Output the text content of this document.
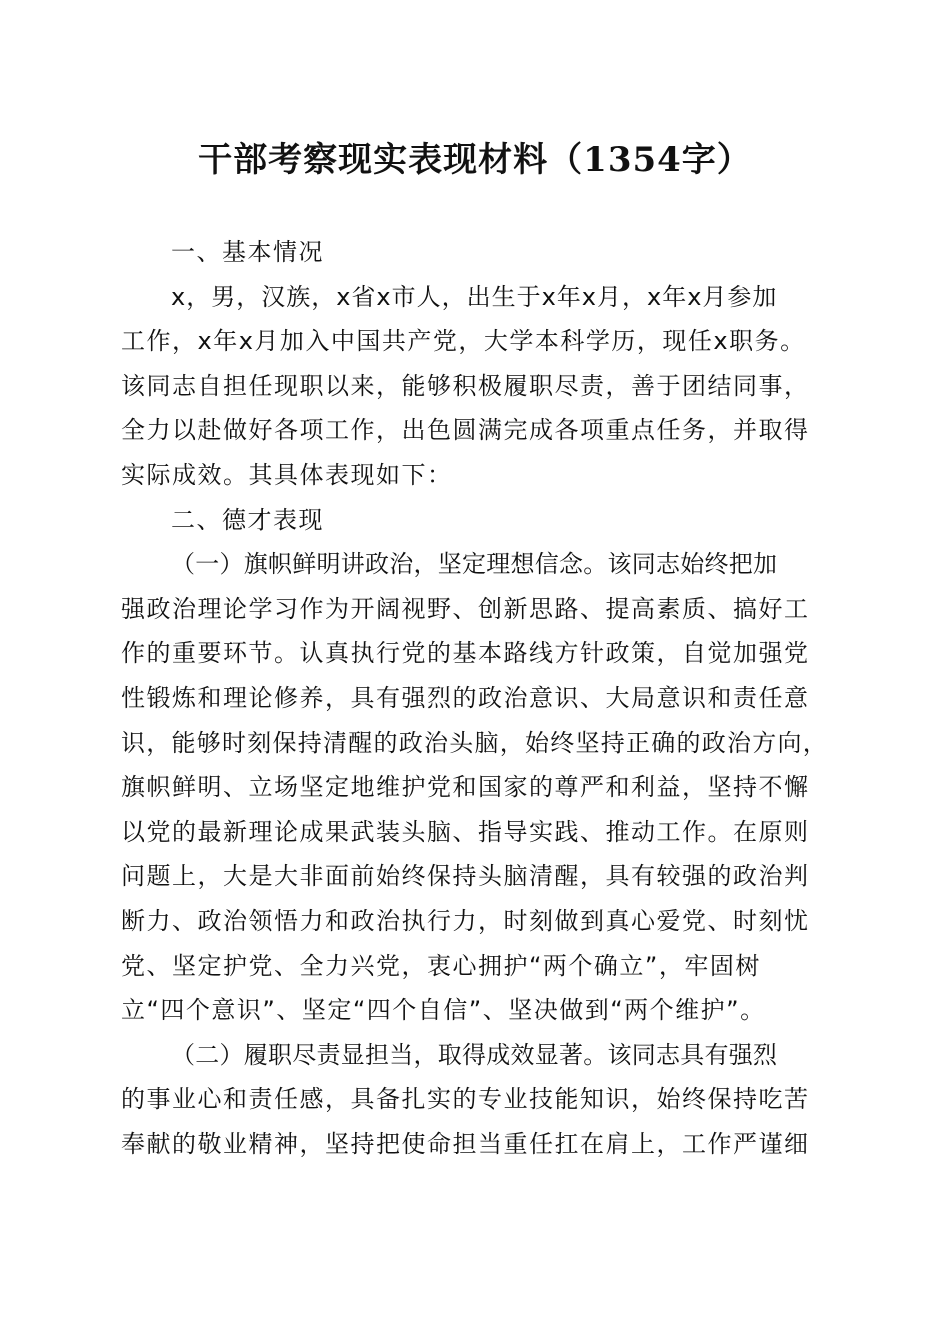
干部考察现实表现材料（1354字）
一、基本情况

x，男，汉族，x省x市人，出生于x年x月，x年x月参加
工作，x年x月加入中国共产党，大学本科学历，现任x职务。
该同志自担任现职以来，能够积极履职尽责，善于团结同事，
全力以赴做好各项工作，出色圆满完成各项重点任务，并取得
实际成效。其具体表现如下：

二、德才表现

（一）旗帜鲜明讲政治，坚定理想信念。该同志始终把加
强政治理论学习作为开阔视野、创新思路、提高素质、搞好工
作的重要环节。认真执行党的基本路线方针政策，自觉加强党
性锻炼和理论修养，具有强烈的政治意识、大局意识和责任意
识，能够时刻保持清醒的政治头脑，始终坚持正确的政治方向，
旗帜鲜明、立场坚定地维护党和国家的尊严和利益，坚持不懈
以党的最新理论成果武装头脑、指导实践、推动工作。在原则
问题上，大是大非面前始终保持头脑清醒，具有较强的政治判
断力、政治领悟力和政治执行力，时刻做到真心爱党、时刻忧
党、坚定护党、全力兴党，衷心拥护“两个确立”，牢固树
立“四个意识”、坚定“四个自信”、坚决做到“两个维护”。

（二）履职尽责显担当，取得成效显著。该同志具有强烈
的事业心和责任感，具备扎实的专业技能知识，始终保持吃苦
奉献的敬业精神，坚持把使命担当重任扛在肩上，工作严谨细
